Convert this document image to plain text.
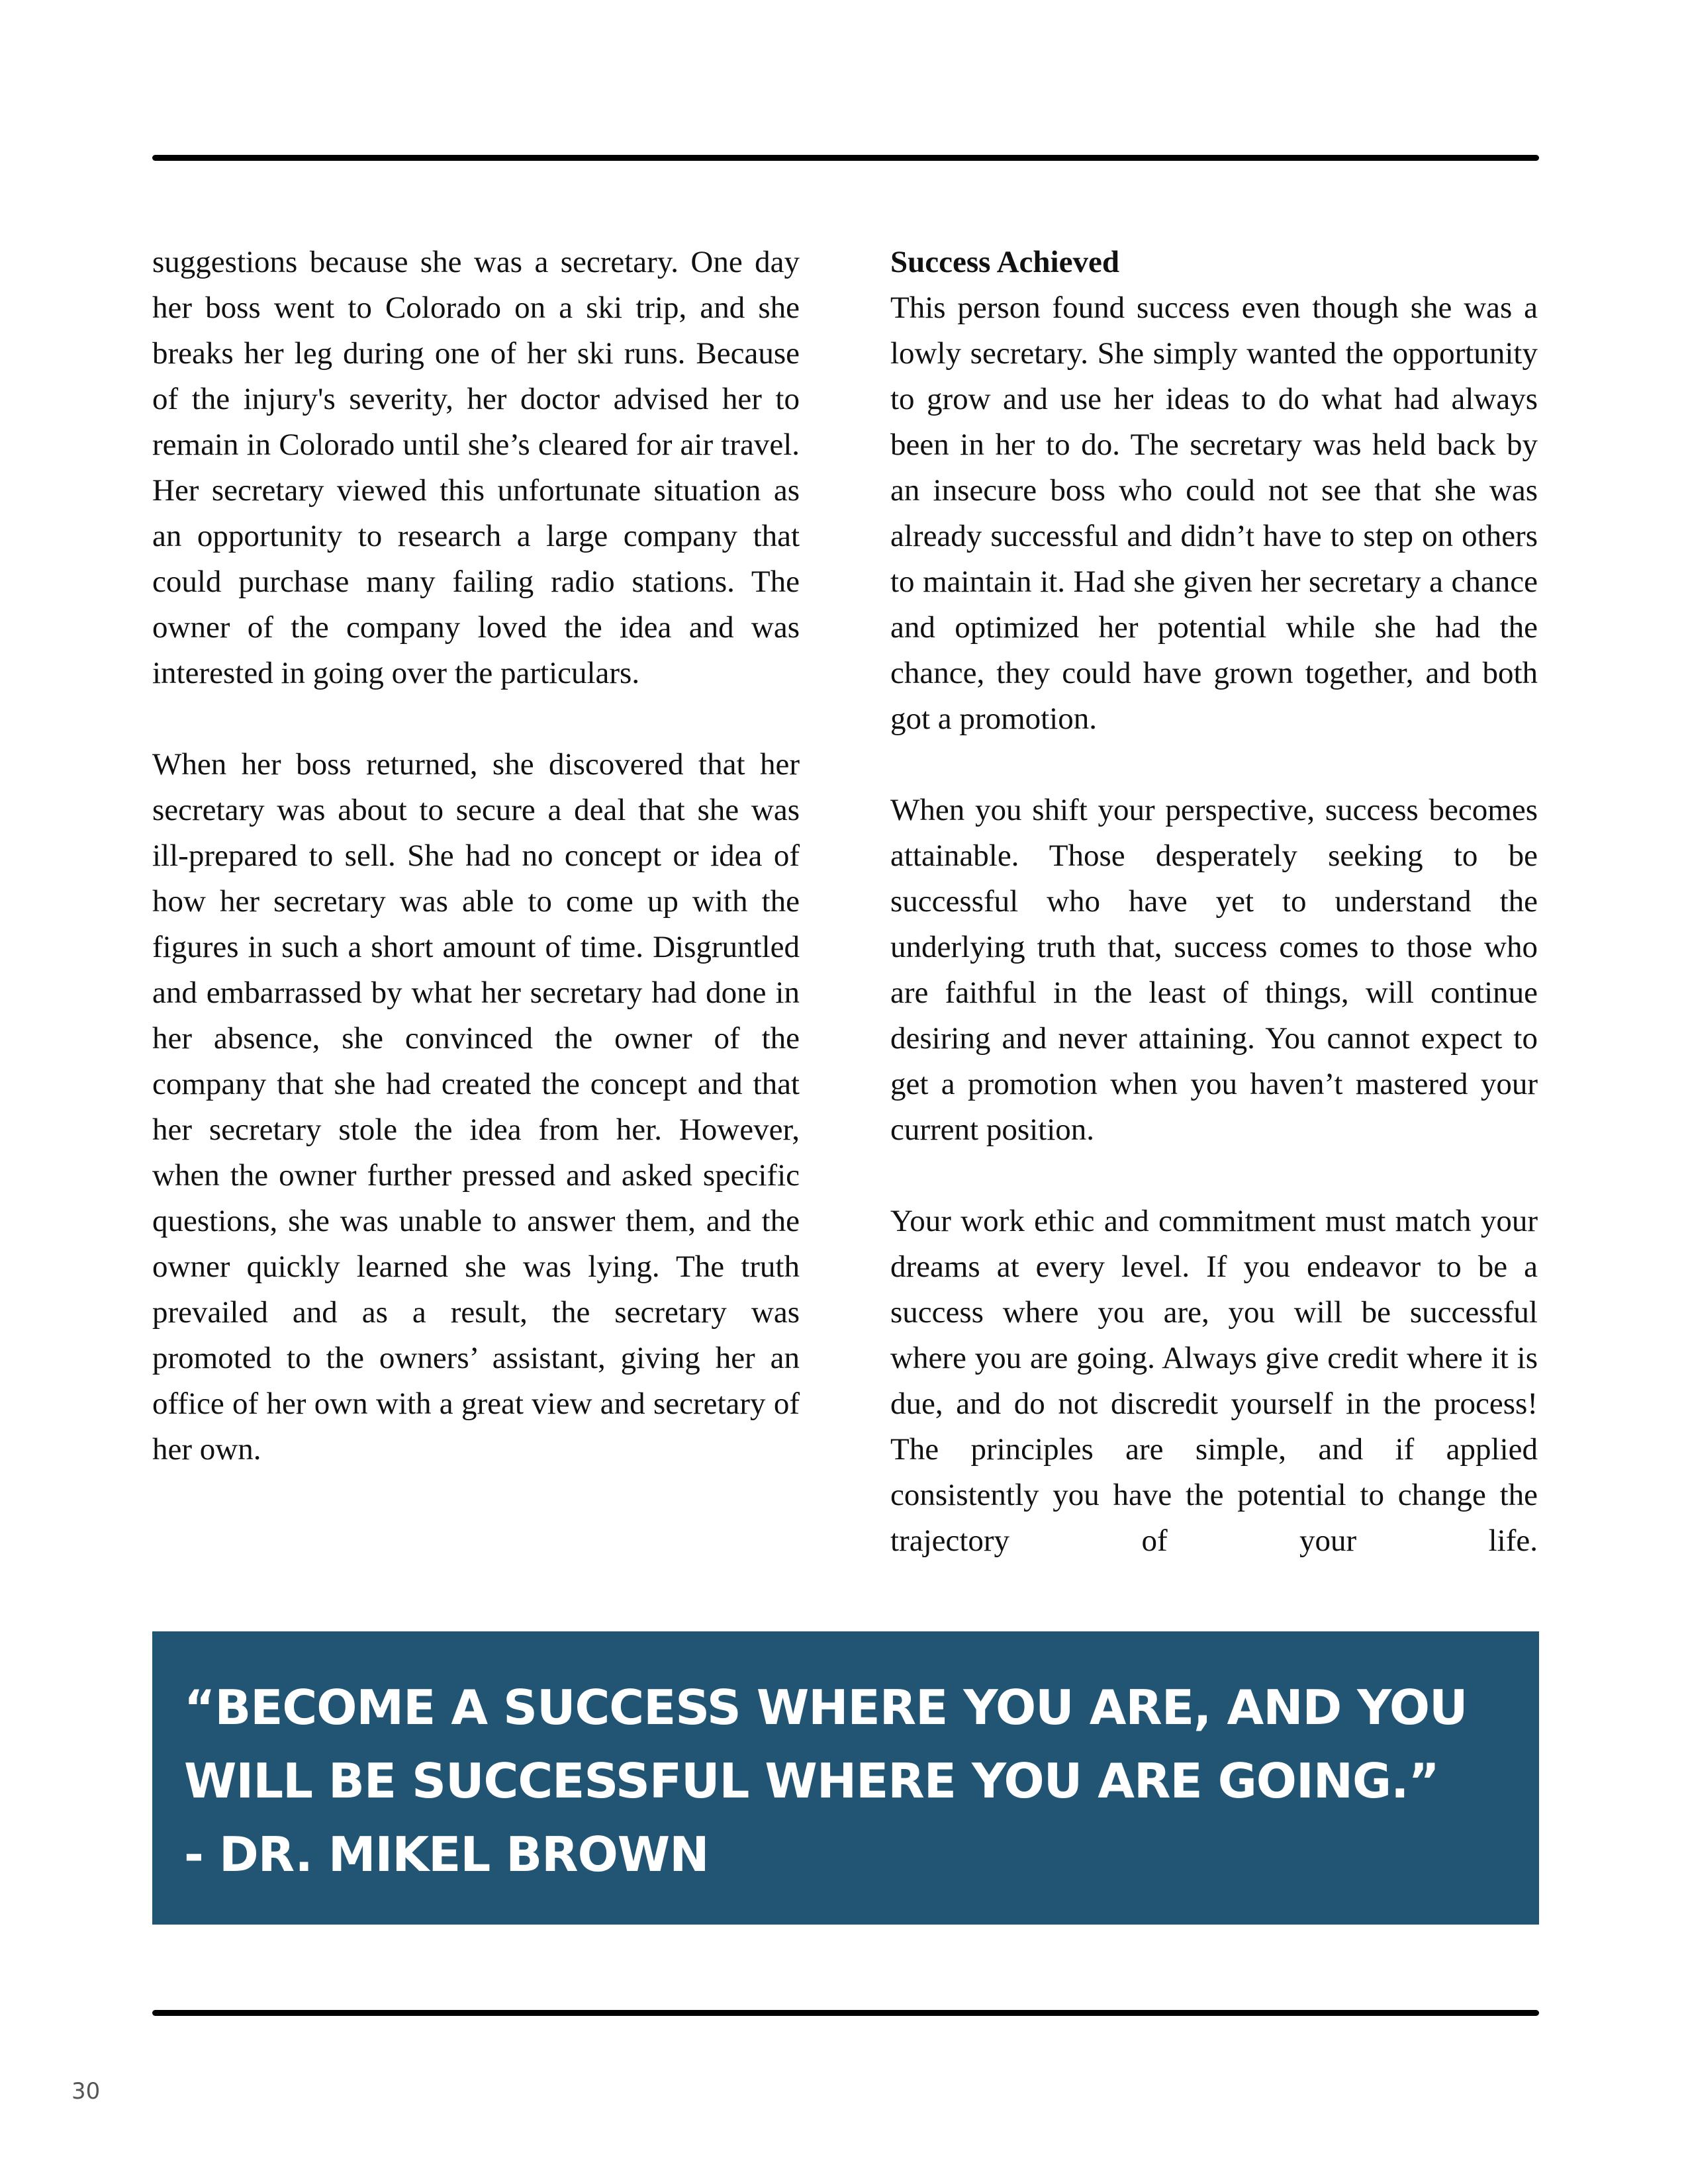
suggestions because she was a secretary. One day her boss went to Colorado on a ski trip, and she breaks her leg during one of her ski runs. Because of the injury's severity, her doctor advised her to remain in Colorado until she’s cleared for air travel. Her secretary viewed this unfortunate situation as an opportunity to research a large company that could purchase many failing radio stations. The owner of the company loved the idea and was interested in going over the particulars.

When her boss returned, she discovered that her secretary was about to secure a deal that she was ill-prepared to sell. She had no concept or idea of how her secretary was able to come up with the figures in such a short amount of time. Disgruntled and embarrassed by what her secretary had done in her absence, she convinced the owner of the company that she had created the concept and that her secretary stole the idea from her. However, when the owner further pressed and asked specific questions, she was unable to answer them, and the owner quickly learned she was lying. The truth prevailed and as a result, the secretary was promoted to the owners’ assistant, giving her an office of her own with a great view and secretary of her own.

Success Achieved
This person found success even though she was a lowly secretary. She simply wanted the opportunity to grow and use her ideas to do what had always been in her to do. The secretary was held back by an insecure boss who could not see that she was already successful and didn’t have to step on others to maintain it. Had she given her secretary a chance and optimized her potential while she had the chance, they could have grown together, and both got a promotion.

When you shift your perspective, success becomes attainable. Those desperately seeking to be successful who have yet to understand the underlying truth that, success comes to those who are faithful in the least of things, will continue desiring and never attaining. You cannot expect to get a promotion when you haven’t mastered your current position.

Your work ethic and commitment must match your dreams at every level. If you endeavor to be a success where you are, you will be successful where you are going. Always give credit where it is due, and do not discredit yourself in the process! The principles are simple, and if applied consistently you have the potential to change the trajectory of your life.

“BECOME A SUCCESS WHERE YOU ARE, AND YOU WILL BE SUCCESSFUL WHERE YOU ARE GOING.”

- DR. MIKEL BROWN

30
